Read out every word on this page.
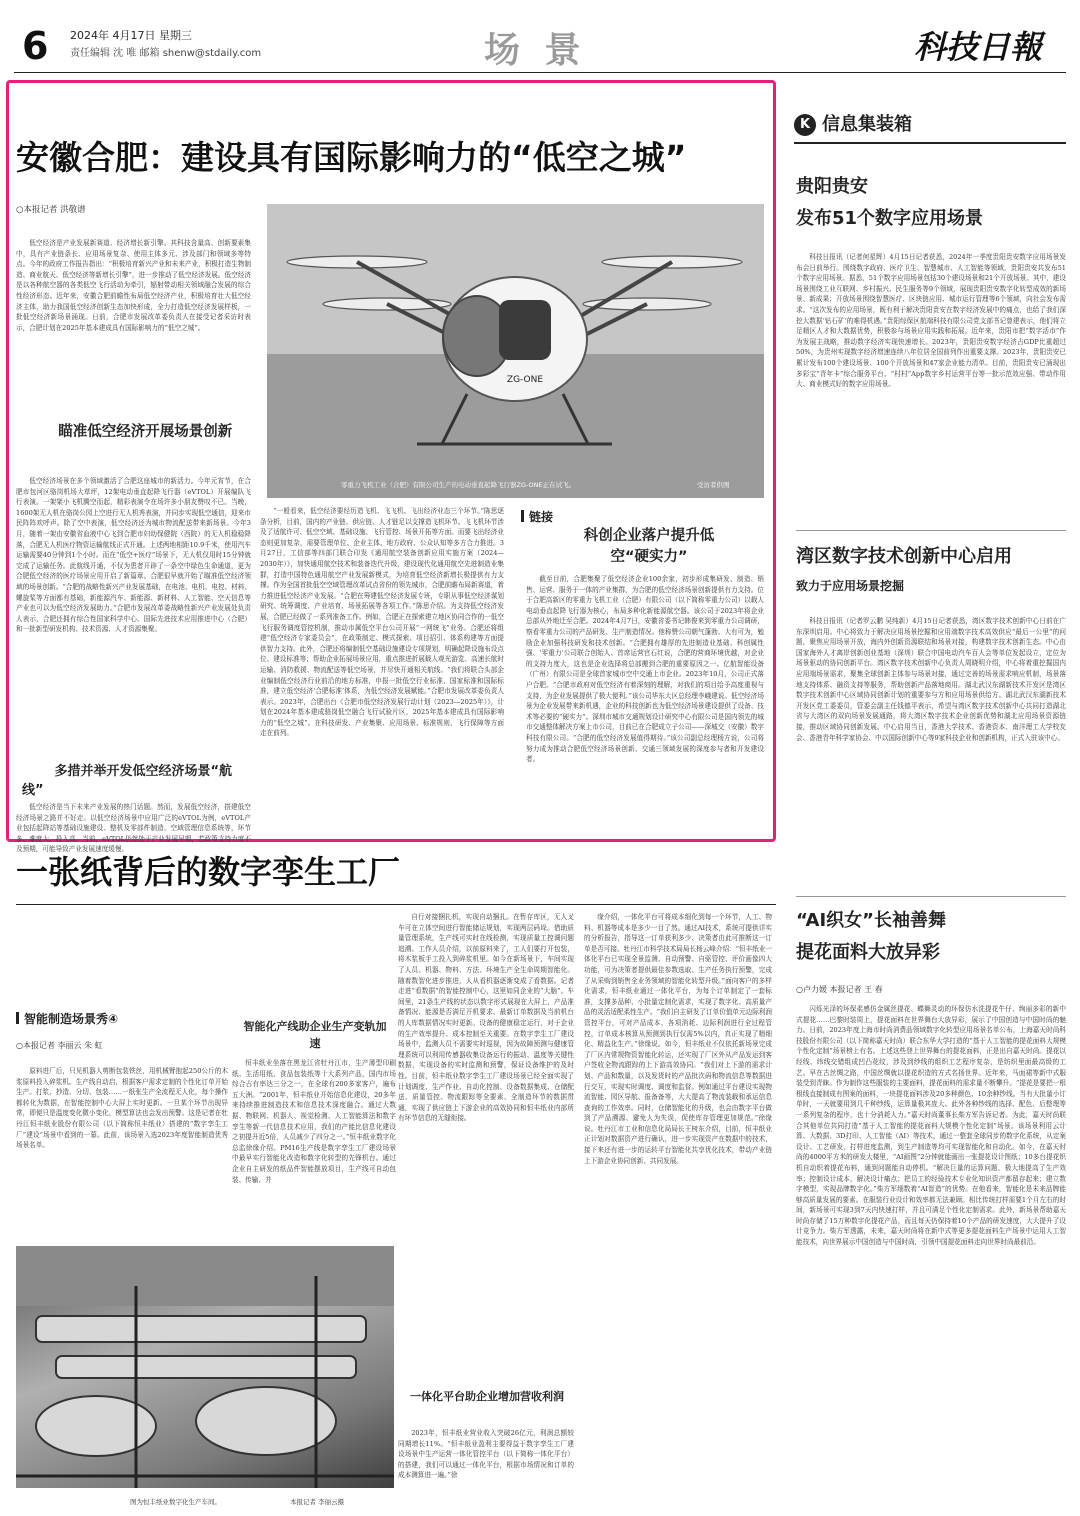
6 2024年 4月17日 星期三
责任编辑 沈 唯 邮箱 shenw@stdaily.com	场 景	科技日報
安徽合肥：建设具有国际影响力的“低空之城”
○本报记者 洪敬谱

低空经济是产业发展新赛道、经济增长新引擎。其科技含量高、创新要素集中，具有产业链条长、应用场景复杂、使用主体多元、涉及部门和领域多等特点。今年的政府工作报告指出：“积极培育新兴产业和未来产业，积极打造生物制造、商业航天、低空经济等新增长引擎”，进一步推动了低空经济发展。低空经济是以各种航空器的各类低空飞行活动为牵引，辐射带动相关领域融合发展的综合性经济形态。近年来，安徽合肥前瞻性布局低空经济产业，积极培育壮大低空经济主体，助力我国低空经济创新生态加快形成，全力打造低空经济发展样板，一批低空经济新场景涌现。日前，合肥市发展改革委负责人在接受记者采访时表示，合肥计划在2025年基本建成具有国际影响力的“低空之城”。

瞄准低空经济开展场景创新

低空经济场景在多个领域激活了合肥这座城市的新活力。今年元宵节，在合肥市包河区骆岗机场大草坪，12架电动垂直起降飞行器（eVTOL）开展编队飞行表演。一架架小飞机腾空而起，精彩表演令在场许多小朋友赞叹不已。当晚，1600架无人机在骆岗公园上空进行无人机秀表演，并同步实现低空通信，迎来市民阵阵欢呼声。除了空中表演，低空经济还为城市物流配送带来新场景。今年3月，随着一架由安徽省血液中心飞到合肥市妇幼保健院（西院）的无人机稳稳降落，合肥无人机医疗物资运输航线正式开通。上述两地相距10.9千米，使用汽车运输需要40分钟到1个小时。而在“低空+医疗”场景下，无人机仅用时15分钟就完成了运输任务。此航线开通，不仅为患者开辟了一条空中绿色生命通道，更为合肥低空经济的医疗场景应用开启了新篇章。合肥很早就开始了瞄准低空经济领域的场景创新。“合肥的战略性新兴产业发展基础，在电池、电机、电控、材料、螺旋桨等方面都有基础，新能源汽车、新能源、新材料、人工智能、空天信息等产业也可以为低空经济发展助力。”合肥市发展改革委战略性新兴产业发展处负责人表示，合肥还拥有综合性国家科学中心、国际先进技术应用推进中心（合肥）和一批新型研发机构、技术资源、人才资源集聚。

ZG-ONE
零重力飞机工业（合肥）有限公司生产的电动垂直起降飞行器ZG-ONE正在试飞。	受访者供图

“一般看来，低空经济要经历造飞机、飞飞机、飞出经济业态三个环节。”陈思逐条分析，目前，国内的产业链、供应链、人才链足以支撑造飞机环节。飞飞机环节涉及了适航许可、低空空域、基础设施、飞行管控、场景开拓等方面。而要飞出经济业态则更加复杂，需要管理单位、企业主体、地方政府、公众认知等多方合力推进。3月27日，工信部等四部门联合印发《通用航空装备创新应用实施方案（2024—2030年）》，加快通用航空技术和装备迭代升级，建设现代化通用航空先进制造业集群，打造中国特色通用航空产业发展新模式，为培育低空经济新增长极提供有力支撑。作为全国首批低空空域管理改革试点省份的领先城市，合肥前瞻布局新赛道，着力推进低空经济产业发展。“合肥在筹建低空经济发展专班，专职从事低空经济谋划研究、统筹调度、产业培育、场景拓展等各项工作。”陈思介绍。为支持低空经济发展，合肥已经做了一系列准备工作。例如，合肥正在探索建立地区协同合作的一低空飞行服务调度管控机制，推动市属低空平台公司开展“一网统飞”业务。合肥还将组建“低空经济专家委员会”，在政策制定、模式探索、项目招引、体系构建等方面提供智力支持。此外，合肥还将编制低空基础设施建设专项规划，明确起降设施布设点位、建设标准等；帮助企业拓展场景应用，重点推进折展载人观光游览、高速长航时运输、消防救援、物流配送等低空场景，并尽快开通相关航线。“我们将联合头部企业编制低空经济行业前沿的地方标准，申报一批低空行业标准、国家标准和国际标准，建立低空经济‘合肥标准’体系，为低空经济发展赋能。”合肥市发展改革委负责人表示。2023年，合肥出台《合肥市低空经济发展行动计划（2023—2025年）》，计划在2024年基本建成骆岗低空融合飞行试验片区，2025年基本建成具有国际影响力的“低空之城”。在科技研发、产业集聚、应用场景、标准规则、飞行保障等方面走在前列。

链接
科创企业落户提升低空“硬实力”

截至目前，合肥集聚了低空经济企业100余家，初步形成集研发、制造、销售、运营、服务于一体的产业集群，为合肥的低空经济场景创新提供有力支持。位于合肥高新区的零重力飞机工业（合肥）有限公司（以下简称零重力公司）以载人电动垂直起降飞行器为核心，布局多种化新能源航空器。该公司于2023年将企业总部从外地迁至合肥。2024年4月7日，安徽省委书记韩俊来到零重力公司调研，察看零重力公司的产品研发、生产制造情况。他称赞公司朝气蓬勃、大有可为，勉励企业加强科技研发和技术创新。“合肥拥有雄厚的先进制造业基础、科创属性强、‘零重力’公司联合创始人、首席运营官石红说，合肥的营商环境优越，对企业的支持力度大，这也是企业选择将总部搬到合肥的重要原因之一。亿航智能设备（广州）有限公司是全球首家城市空中交通上市企业。2023年10月，公司正式落户合肥。“合肥市政府对低空经济有着深刻的理解，对我们的项目给予高度重视与支持，为企业发展提供了极大便利。”该公司华东大区总经理李峨建说。低空经济场景为企业发展带来新机遇，企业的科技创新也为低空经济场景建设提供了设备、技术等必要的“硬实力”。深圳市城市交通规划设计研究中心有限公司是国内领先的城市交通整体解决方案上市公司，目前已在合肥成立子公司——深城交（安徽）数字科技有限公司。“合肥的低空经济发展值得期待。”该公司副总经理杨方说，公司将努力成为推动合肥低空经济场景创新、交通三领域发展的深度参与者和开发建设者。

一张纸背后的数字孪生工厂
智能制造场景秀④
○本报记者 李丽云 朱 虹

原料进厂后，只见机器人剪断包装铁丝，用机械臂抱起250公斤的木浆原料投入碎浆机。生产线自动启，根据客户需求定制的个性化订单开始生产。打浆、抄造、分切、包装……一纸张生产全流程无人化，每个操作都转化为数据，在智能控制中心大屏上实时更新。一旦某个环节出现异常，即便只是温度变化微小变化，模型算法也会发出预警。这是记者在牡丹江恒丰纸业股份有限公司（以下简称恒丰纸业）搭建的“数字孪生工厂”建设“场景中看到的一幕。此前，该场景入选2023年度智能制造优秀场景名单。

智能化产线助企业生产变轨加速

恒丰纸业坐落在黑龙江省牡丹江市，生产薄型印刷纸、生活用纸、食品包装纸等十大系列产品，国内市场综合占有率达三分之一，在全球有200多家客户，遍布五大洲。“2001年，恒丰纸业开始信息化建设，20多年来持续推进制造技术和信息技术深度融合。通过大数据、物联网、机器人、视觉检测、人工智能算法和数字孪生等新一代信息技术应用，我们的产能比信息化建设之初提升近5倍，人员减少了四分之一。”恒丰纸业数字化总监徐缘介绍。PM16生产线是数字孪生工厂建设场景中最早实行智能化改造和数字化转型的先锋机台。通过企业自主研发的纸品件智能摆放项目，生产线可自动包装、传输、并

图为恒丰纸业数字化生产车间。	本报记者 李丽云摄

自行对接捆扎机，实现自动捆扎。在暂存库区，无人叉车可在立体空间进行智能储运规划，实现两层码垛。借助质量管理系统，生产线可实时在线检测，实现质量工控调问题追溯。工作人员介绍，以前原料来了，工人们要打开包装，将木浆板手工投入到碎浆机里。如今在新场景下，车间实现了人员、机器、物料、方法、环境生产全生命周期智能化。随着数智化进步推进，人从看机器逐渐变成了看数据。记者走进“看数据”的智能控制中心，这里如同企业的“大脑”。车间里，21条生产线的状态以数字形式展现在大屏上，产品准备情况、能源是否满足开机要求、最新订单数据及当前机台的人库数据情况实时更新。设备的健康稳定运行，对于企业的生产效率提升、成本控制至关重要。在数字孪生工厂建设场景中，监测人员不需要实时巡视，因为故障预测与健康管理系统可以利用传感器收集设备运行的振动、温度等关键性数据，实现设备的实时监测和预警，保证设备维护的及时性。目前，恒丰纸业数字孪生工厂建设场景已经全面实现了计划调度、生产作业、自动化控制、设备数据集成、仓储配送、质量管控、物流跟踪等全要素、全制造环节的数据贯通，实现了供应链上下游企业的高效协同和恒丰纸业内部所有环节信息的无缝衔接。

一体化平台助企业增加营收利润

2023年，恒丰纸业营业收入突破26亿元，利润总额较同期增长11%。“恒丰纸业盈利主要得益于数字孪生工厂建设场景中生产运营一体化管控平台（以下简称一体化平台）的搭建，我们可以通过一体化平台，根据市场情况和订单的成本测算进一遍。”徐

缘介绍，一体化平台可将成本细化到每一个环节，人工、物料、机器等成本是多少一目了然。通过AI技术，系统可提供详实的分析报告，指导这一订单获利多少、决策者由此可推断这一订单是否可接。牡丹江市科学技术局局长杨云峰介绍：“恒丰纸业一体化平台已实现全景监测、自动预警、自驱管控、评价画像四大功能，可为决策者提供最佳参数选取、生产任务执行预警，完成了从采购到销售全业务领域的智能化转型升级。”面向客户的多样化需求，恒丰纸业通过一体化平台，为每个订单制定了一套标准，支撑多品种、小批量定制化需求，实现了数字化、高质量产品的灵活适配柔性生产。“我们自主研发了订单价值单元边际利润管控平台，可对产品成本、各项消耗、边际利润进行全过程管控，订单成本核算从预测到执行仅需5%以内，真正实现了精细化、精益化生产。”徐缘说。如今，恒丰纸业不仅依托新场景完成了厂区内常规物资智能化转运，还实现了厂区外从产品发运到客户签收全物流跟踪的上下游高效协同。“我们对上下游的需求计划、产品和数量，以及发货时的产品批次码和物流信息等数据进行交互，实现实时调度、调度和监督。例如通过平台建设实现物流智能、园区导航、报备备等，大大提高了物流装载和承运信息查询的工作效率。同时，仓储智能化的升级，也会由数字平台做到了产品溯源、避免人为失误，促使库存管理更加规范。”徐缘说。牡丹江市工业和信息化局局长王树东介绍，目前，恒丰纸业正计划对数据资产进行确认，进一步实现资产在数据中的技术，接下来还有进一步的运转平台智能化共享优化技术，带动产业链上下游企业协同创新、共同发展。

K 信息集装箱
贵阳贵安
发布51个数字应用场景

科技日报讯（记者何星辉）4月15日记者获悉，2024年一季度贵阳贵安数字应用场景发布会日前举行。围绕数字政府、医疗卫生、智慧城市、人工智能等领域，贵阳贵安共发布51个数字应用场景。据悉，51个数字应用场景包括30个建设场景和21个开放场景。其中，建设场景围绕工业互联网、乡村振兴、民生服务等9个领域，展现贵阳贵安数字化转型成效的新场景、新成果；开放场景围绕智慧医疗、区块链应用、城市运行管理等6个领域，向社会发布需求。“这次发布的应用场景，既有利于解决贵阳贵安在数字经济发展中的痛点，也给了我们深挖大数据‘钻石矿’的难得机遇。”贵阳综保区航端科技有限公司党支部书记曾建表示，他们将立足精区人才和大数据优势，积极参与场景应用实践和拓展。近年来，贵阳市把“数字活市”作为发展主战略，推动数字经济实现快速增长。2023年，贵阳贵安数字经济占GDP比重超过50%，为贵州实现数字经济增速连续八年位居全国前列作出重要支撑。2023年，贵阳贵安已累计发布100个建设场景、100个开放场景和47家企业能力清单。目前，贵阳贵安已涌现出多彩宝“青年卡”综合服务平台、“村村”App数字乡村运营平台等一批示范效应强、带动作用大、商业模式好的数字应用场景。

湾区数字技术创新中心启用
致力于应用场景挖掘

科技日报讯（记者罗云鹏 吴纯新）4月15日记者获悉，湾区数字技术创新中心日前在广东深圳启用。中心将致力于解决应用场景挖掘和应用端数字技术高效供应“最后一公里”的问题，聚焦应用场景开放，海内外创新资源联结和场景对接，构建数字技术创新生态。中心由国家海外人才离岸创新创业基地（深圳）联合中国电动汽车百人会等单位发起设立，定位为场景驱动的协同创新平台。湾区数字技术创新中心负责人周晓明介绍，中心将着重挖掘国内应用端场景需求，聚集全球创新主体参与场景对接，通过完善的场景需求响应机制，场景落地支持体系、融资支持等服务，帮助创新产品落地商用。湖北武汉东湖新技术开发区是湾区数字技术创新中心区域协同创新计划的重要参与方和应用场景供给方。湖北武汉东湖新技术开发区党工委委员，管委会副主任钱德平表示，希望与湾区数字技术创新中心共同打造湖北省与大湾区的双向场景发展通路，将大湾区数字技术企业创新优势和湖北应用场景资源链接，推动区域协同创新发展。中心启用当日，香港大学技术、香港资本、南洋理工大学校友会、香港青年科学家协会、中以国际创新中心等9家科技企业和创新机构，正式入驻该中心。

“AI织女”长袖善舞
提花面料大放异彩
○卢力媛 本报记者 王 春

闪烁光泽的环保柔感仿金属丝提花、蝶舞灵动的环保仿水洗提花牛仔、绚丽多彩的新中式提花……巴黎时装周上，提花面料在世界舞台大放异彩，展示了中国创造与中国时尚的魅力。日前，2023年度上海市时尚消费品领域数字化转型应用场景名单公布，上海嘉天时尚科技股份有限公司（以下简称嘉天时尚）联合东华大学打造的“基于人工智能的提花面料大规模个性化定制”场景榜上有名。上述这些登上世界舞台的提花面料，正是出自嘉天时尚。提花以经线、纬线交错组成凹凸花纹，涉及到纱线的组织工艺程序复杂，是纺织里面最高级的工艺。早在古丝绸之路，中国丝绸就以提花织造的方式名扬世界。近年来，马面裙等新中式服装受到青睐。作为制作这些服装的主要面料，提花面料的需求量不断攀升。“提花是要把一根根线直接制成有图案的面料，一块提花面料涉及20多种颜色、10余种纱线。当有大批量小订单时，一天就要用到几千种纱线，运算量极其庞大。此外各种纱线的选择、配色、后整理等一系列复杂的程序，也十分消耗人力。”嘉天时尚董事长柴方军告诉记者。为此，嘉天时尚联合其他单位共同打造“基于人工智能的提花面料大规模个性化定制”场景。该场景利用云计算、大数据、3D打印、人工智能（AI）等技术，通过一整套全球同步的数字化系统，从定案设计、工艺研发，打样进度监测，到生产制造等均可实现智能化和自动化。如今，在嘉天时尚的4000平方米的研发大楼里，“AI画图”2分钟就能画出一张提花设计图纸；10多台提花织机自动织着提花布料，通到问题能自动停机。“解决巨量的运算问题，极大地提高了生产效率；控制设计成本，解决设计痛点；把员工的经验技术专业化知识资产都留存起来；建立数字模型，实现品牌数字化。”柴方军细数着“AI智造”的优势。在他看来，智能化是未来品牌能够高质量发展的要素。在服装行业设计和效率都无法兼顾。相比传统打样需要1个月左右的时间，新场景可实现3到7天内快速打样，并且可满足个性化定制需求。此外，新场景帮助嘉天时尚存储了15万种数字化提花产品，而且每天仍保持着10个产品的研发速度，大大提升了设计竞争力。柴方军透露，未来，嘉天时尚将在新中式等更多提花面料生产场景中运用人工智能技术，向世界展示中国创造与中国时尚，引领中国提花面料走向世界时尚最前沿。

多措并举开发低空经济场景“航线”

低空经济是当下未来产业发展的热门话题。然而，发展低空经济，搭建低空经济场景之路并不好走。以低空经济场景中应用广泛的eVTOL为例，eVTOL产业包括起降站等基础设施建设、整机及零部件制造、空域管理信息系统等，环节多、难度大、投入高。当前，eVTOL仍然处于产业发展早期，若政策支持力度不及预期，可能导致产业发展速度缓慢。
